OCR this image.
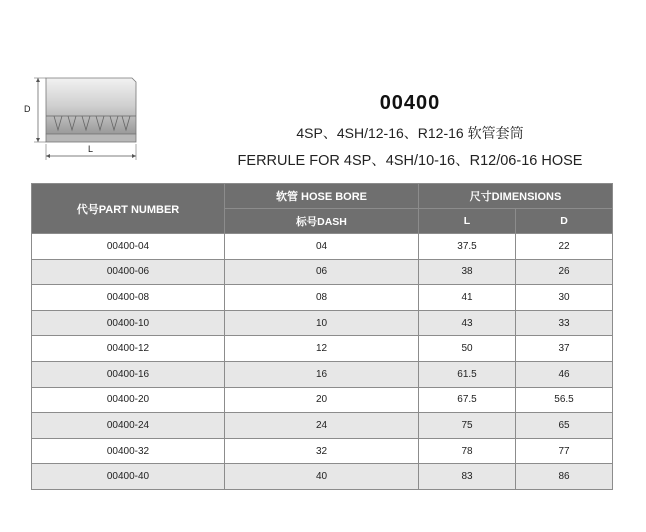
D
L
00400
4SP、4SH/12-16、R12-16 软管套筒
FERRULE FOR 4SP、4SH/10-16、R12/06-16 HOSE
代号PART NUMBER	软管 HOSE BORE	尺寸DIMENSIONS	
	标号DASH	L	D
00400-04	04	37.5	22
00400-06	06	38	26
00400-08	08	41	30
00400-10	10	43	33
00400-12	12	50	37
00400-16	16	61.5	46
00400-20	20	67.5	56.5
00400-24	24	75	65
00400-32	32	78	77
00400-40	40	83	86
